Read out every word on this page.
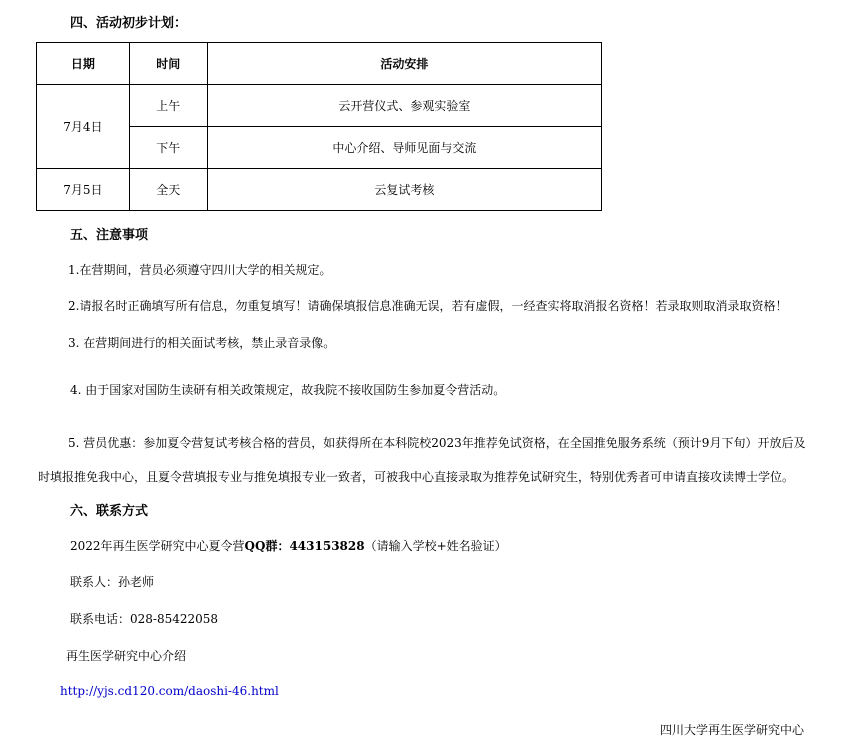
四、活动初步计划：
日期	时间	活动安排
7月4日	上午	云开营仪式、参观实验室
	下午	中心介绍、导师见面与交流
7月5日	全天	云复试考核
五、注意事项
1.在营期间，营员必须遵守四川大学的相关规定。
2.请报名时正确填写所有信息，勿重复填写！请确保填报信息准确无误，若有虚假，一经查实将取消报名资格！若录取则取消录取资格！
3. 在营期间进行的相关面试考核，禁止录音录像。
4. 由于国家对国防生读研有相关政策规定，故我院不接收国防生参加夏令营活动。
5. 营员优惠：参加夏令营复试考核合格的营员，如获得所在本科院校2023年推荐免试资格，在全国推免服务系统（预计9月下旬）开放后及时填报推免我中心，且夏令营填报专业与推免填报专业一致者，可被我中心直接录取为推荐免试研究生，特别优秀者可申请直接攻读博士学位。
六、联系方式
2022年再生医学研究中心夏令营QQ群：443153828（请输入学校+姓名验证）
联系人：孙老师
联系电话：028-85422058
再生医学研究中心介绍
http://yjs.cd120.com/daoshi-46.html
四川大学再生医学研究中心
